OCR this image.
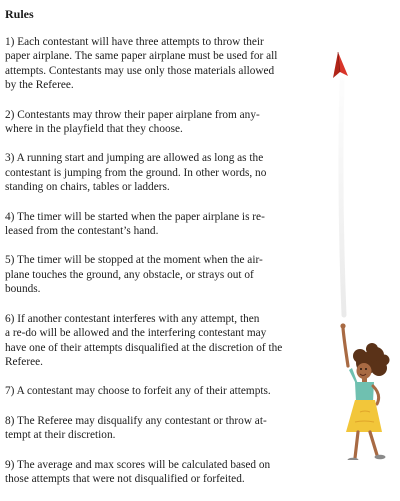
Rules

1) Each contestant will have three attempts to throw their
paper airplane. The same paper airplane must be used for all
attempts. Contestants may use only those materials allowed
by the Referee.

2) Contestants may throw their paper airplane from any-
where in the playfield that they choose.

3) A running start and jumping are allowed as long as the
contestant is jumping from the ground. In other words, no
standing on chairs, tables or ladders.

4) The timer will be started when the paper airplane is re-
leased from the contestant’s hand.

5) The timer will be stopped at the moment when the air-
plane touches the ground, any obstacle, or strays out of
bounds.

6) If another contestant interferes with any attempt, then
a re-do will be allowed and the interfering contestant may
have one of their attempts disqualified at the discretion of the
Referee.

7) A contestant may choose to forfeit any of their attempts.

8) The Referee may disqualify any contestant or throw at-
tempt at their discretion.

9) The average and max scores will be calculated based on
those attempts that were not disqualified or forfeited.
